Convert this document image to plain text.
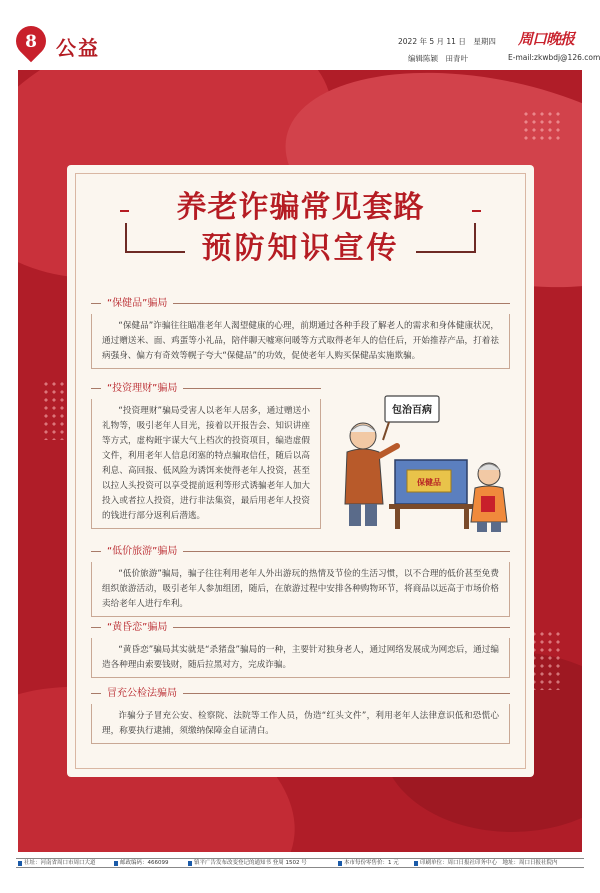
8 公益	2022 年 5 月 11 日　星期四 周口晚报
编辑陈颖　田青叶	E-mail:zkwbdj@126.com
养老诈骗常见套路
预防知识宣传
“保健品”骗局

“保健品”诈骗往往瞄准老年人渴望健康的心理，前期通过各种手段了解老人的需求和身体健康状况，通过赠送米、面、鸡蛋等小礼品，陪伴聊天嘘寒问暖等方式取得老年人的信任后，开始推荐产品，打着祛病强身、偏方有奇效等幌子夸大“保健品”的功效，促使老年人购买保健品实施欺骗。

“投资理财”骗局

“投资理财”骗局受害人以老年人居多，通过赠送小礼物等，吸引老年人目光，接着以开报告会、知识讲座等方式，虚构銋宇谋大气上档次的投资项目，编造虚假文件，利用老年人信息闭塞的特点骗取信任，随后以高利息、高回报、低风险为诱饵来使得老年人投资，甚至以拉人头投资可以享受提前返利等形式诱骗老年人加大投入或者拉人投资，进行非法集资，最后用老年人投资的钱进行部分返利后潜逃。

包治百病
保健品
“低价旅游”骗局

“低价旅游”骗局，骗子往往利用老年人外出游玩的热情及节俭的生活习惯，以不合理的低价甚至免费组织旅游活动，吸引老年人参加组团，随后，在旅游过程中安排各种购物环节，将商品以远高于市场价格卖给老年人进行牟利。

“黄昏恋”骗局

“黄昏恋”骗局其实就是“杀猪盘”骗局的一种，主要针对独身老人，通过网络发展成为网恋后，通过编造各种理由索要钱财，随后拉黑对方，完成诈骗。

冒充公检法骗局

诈骗分子冒充公安、检察院、法院等工作人员，伪造“红头文件”，利用老年人法律意识低和恐慌心理，称要执行逮捕，须缴纳保障金自证清白。

社址：河南省周口市周口大道	邮政编码：466099	镇平广告发布改变登记的通知书 登周 1502 号	本市每份零售价：1 元	印刷单位：周口日报社印务中心　地址：周口日报社院内
